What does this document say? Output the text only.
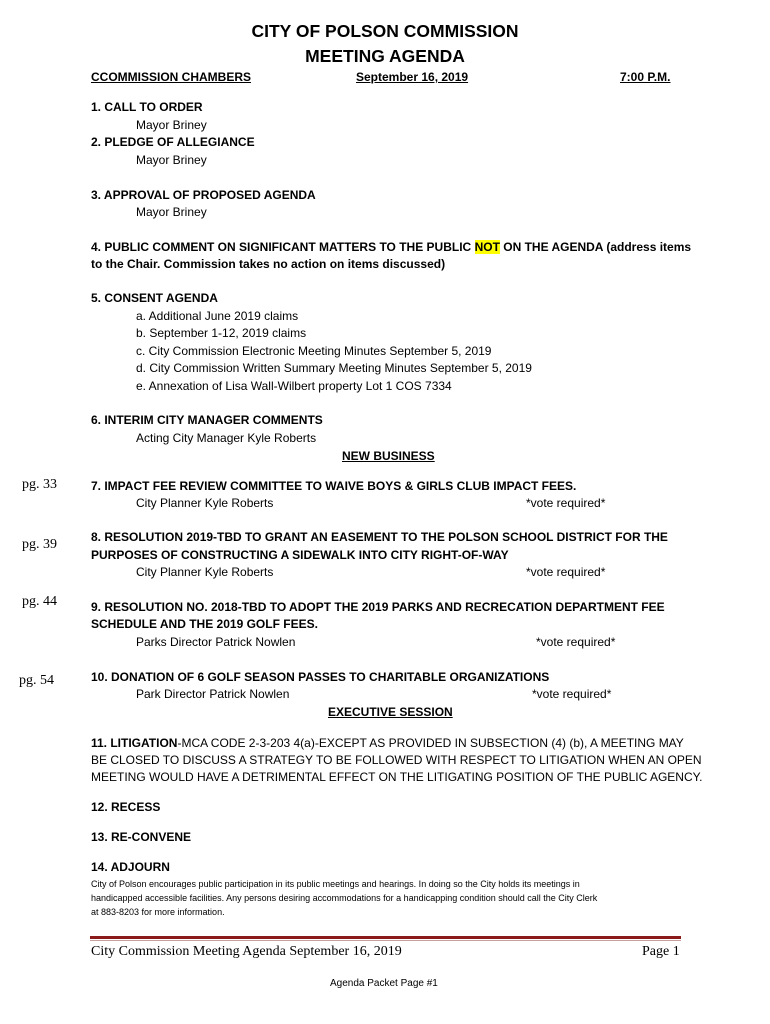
CITY OF POLSON COMMISSION
MEETING AGENDA
CCOMMISSION CHAMBERS	September 16, 2019	7:00 P.M.
1. CALL TO ORDER
Mayor Briney
2. PLEDGE OF ALLEGIANCE
Mayor Briney
3. APPROVAL OF PROPOSED AGENDA
Mayor Briney
4. PUBLIC COMMENT ON SIGNIFICANT MATTERS TO THE PUBLIC NOT ON THE AGENDA (address items
to the Chair. Commission takes no action on items discussed)
5. CONSENT AGENDA
a. Additional June 2019 claims
b. September 1-12, 2019 claims
c. City Commission Electronic Meeting Minutes September 5, 2019
d. City Commission Written Summary Meeting Minutes September 5, 2019
e. Annexation of Lisa Wall-Wilbert property Lot 1 COS 7334
6. INTERIM CITY MANAGER COMMENTS
Acting City Manager Kyle Roberts
NEW BUSINESS
pg. 33	7. IMPACT FEE REVIEW COMMITTEE TO WAIVE BOYS & GIRLS CLUB IMPACT FEES.
City Planner Kyle Roberts	*vote required*
pg. 39	8. RESOLUTION 2019-TBD TO GRANT AN EASEMENT TO THE POLSON SCHOOL DISTRICT FOR THE
PURPOSES OF CONSTRUCTING A SIDEWALK INTO CITY RIGHT-OF-WAY
City Planner Kyle Roberts	*vote required*
pg. 44	9. RESOLUTION NO. 2018-TBD TO ADOPT THE 2019 PARKS AND RECRECATION DEPARTMENT FEE
SCHEDULE AND THE 2019 GOLF FEES.
Parks Director Patrick Nowlen	*vote required*
pg. 54	10. DONATION OF 6 GOLF SEASON PASSES TO CHARITABLE ORGANIZATIONS
Park Director Patrick Nowlen	*vote required*
EXECUTIVE SESSION
11. LITIGATION-MCA CODE 2-3-203 4(a)-EXCEPT AS PROVIDED IN SUBSECTION (4) (b), A MEETING MAY
BE CLOSED TO DISCUSS A STRATEGY TO BE FOLLOWED WITH RESPECT TO LITIGATION WHEN AN OPEN
MEETING WOULD HAVE A DETRIMENTAL EFFECT ON THE LITIGATING POSITION OF THE PUBLIC AGENCY.
12. RECESS
13. RE-CONVENE
14. ADJOURN
City of Polson encourages public participation in its public meetings and hearings. In doing so the City holds its meetings in
handicapped accessible facilities. Any persons desiring accommodations for a handicapping condition should call the City Clerk
at 883-8203 for more information.
City Commission Meeting Agenda September 16, 2019	Page 1
Agenda Packet Page #1
